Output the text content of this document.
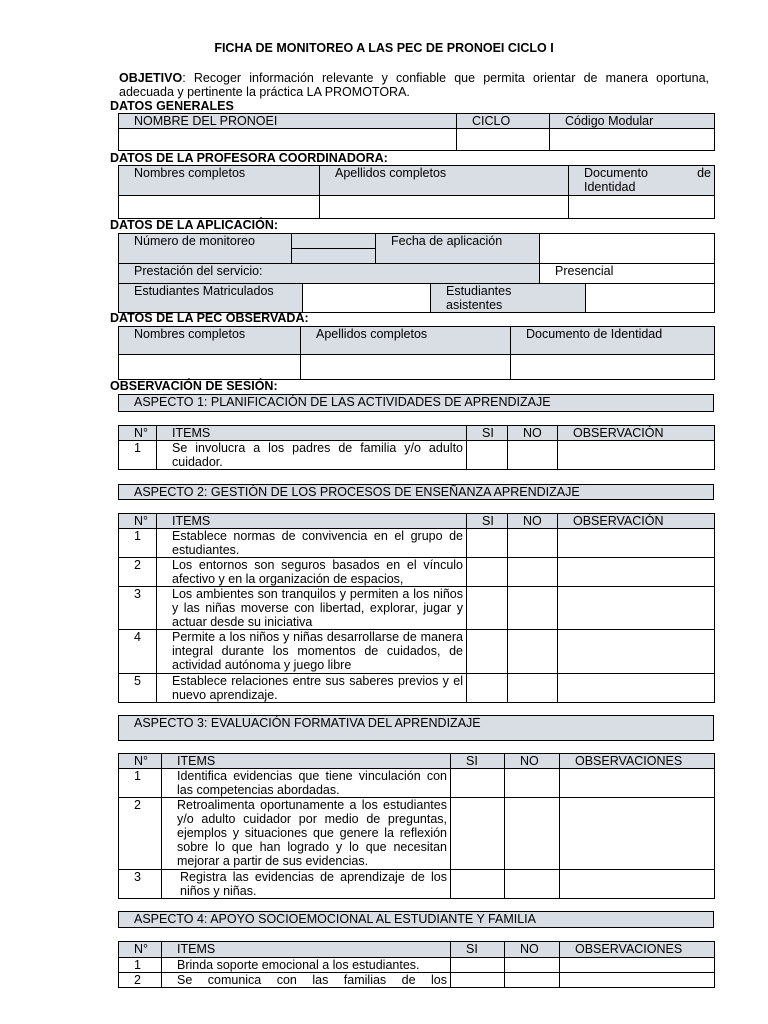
FICHA DE MONITOREO A LAS PEC DE PRONOEI CICLO I
OBJETIVO: Recoger información relevante y confiable que permita orientar de manera oportuna, adecuada y pertinente la práctica LA PROMOTORA.
DATOS GENERALES
NOMBRE DEL PRONOEI	CICLO	Código Modular

DATOS DE LA PROFESORA COORDINADORA:
Nombres completos	Apellidos completos	Documento de
Identidad

DATOS DE LA APLICACIÓN:
Número de monitoreo		Fecha de aplicación	

Prestación del servicio:	Presencial
Estudiantes Matriculados		Estudiantes
asistentes

DATOS DE LA PEC OBSERVADA:
Nombres completos	Apellidos completos	Documento de Identidad

OBSERVACIÓN DE SESIÓN:
ASPECTO 1: PLANIFICACIÓN DE LAS ACTIVIDADES DE APRENDIZAJE
N°	ITEMS	SI	NO	OBSERVACIÓN
1	Se involucra a los padres de familia y/o adulto cuidador.			
ASPECTO 2: GESTIÓN DE LOS PROCESOS DE ENSEÑANZA APRENDIZAJE
N°	ITEMS	SI	NO	OBSERVACIÓN
1	Establece normas de convivencia en el grupo de estudiantes.			
2	Los entornos son seguros basados en el vínculo afectivo y en la organización de espacios,			
3	Los ambientes son tranquilos y permiten a los niños y las niñas moverse con libertad, explorar, jugar y actuar desde su iniciativa			
4	Permite a los niños y niñas desarrollarse de manera integral durante los momentos de cuidados, de actividad autónoma y juego libre			
5	Establece relaciones entre sus saberes previos y el nuevo aprendizaje.			
ASPECTO 3: EVALUACIÓN FORMATIVA DEL APRENDIZAJE
N°	ITEMS	SI	NO	OBSERVACIONES
1	Identifica evidencias que tiene vinculación con las competencias abordadas.			
2	Retroalimenta oportunamente a los estudiantes y/o adulto cuidador por medio de preguntas, ejemplos y situaciones que genere la reflexión sobre lo que han logrado y lo que necesitan mejorar a partir de sus evidencias.			
3	Registra las evidencias de aprendizaje de los niños y niñas.			
ASPECTO 4: APOYO SOCIOEMOCIONAL AL ESTUDIANTE Y FAMILIA
N°	ITEMS	SI	NO	OBSERVACIONES
1	Brinda soporte emocional a los estudiantes.			
2	Se comunica con las familias de los			
